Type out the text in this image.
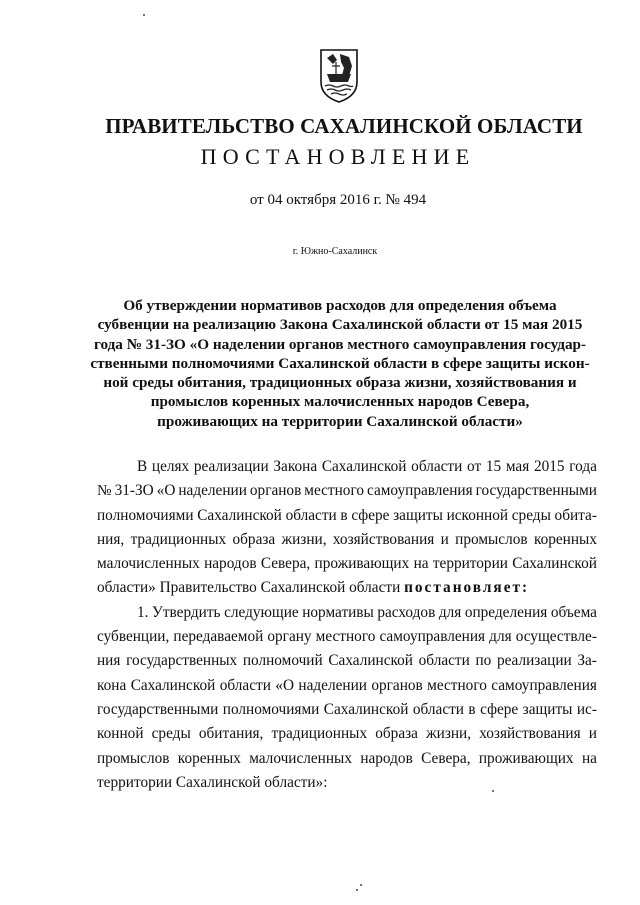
ПРАВИТЕЛЬСТВО САХАЛИНСКОЙ ОБЛАСТИ
ПОСТАНОВЛЕНИЕ
от 04 октября 2016 г. № 494
г. Южно-Сахалинск
Об утверждении нормативов расходов для определения объема
субвенции на реализацию Закона Сахалинской области от 15 мая 2015
года № 31-ЗО «О наделении органов местного самоуправления государ-
ственными полномочиями Сахалинской области в сфере защиты искон-
ной среды обитания, традиционных образа жизни, хозяйствования и
промыслов коренных малочисленных народов Севера,
проживающих на территории Сахалинской области»
В целях реализации Закона Сахалинской области от 15 мая 2015 года
№ 31-ЗО «О наделении органов местного самоуправления государственными
полномочиями Сахалинской области в сфере защиты исконной среды обита-
ния, традиционных образа жизни, хозяйствования и промыслов коренных
малочисленных народов Севера, проживающих на территории Сахалинской
области» Правительство Сахалинской области постановляет:
1. Утвердить следующие нормативы расходов для определения объема
субвенции, передаваемой органу местного самоуправления для осуществле-
ния государственных полномочий Сахалинской области по реализации За-
кона Сахалинской области «О наделении органов местного самоуправления
государственными полномочиями Сахалинской области в сфере защиты ис-
конной среды обитания, традиционных образа жизни, хозяйствования и
промыслов коренных малочисленных народов Севера, проживающих на
территории Сахалинской области»:
